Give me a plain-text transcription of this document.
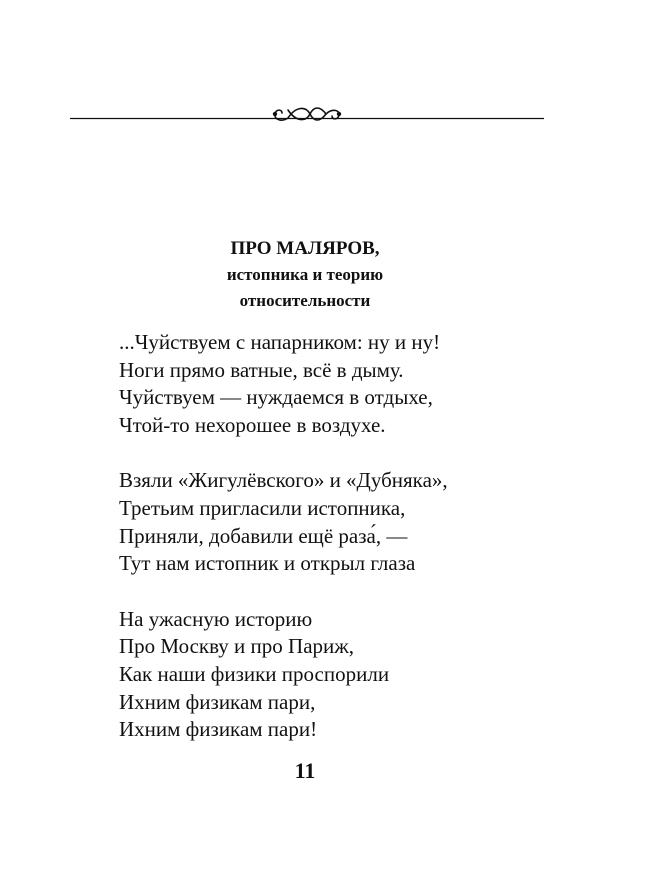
ПРО МАЛЯРОВ,
истопника и теорию
относительности
...Чуйствуем с напарником: ну и ну!
Ноги прямо ватные, всё в дыму.
Чуйствуем — нуждаемся в отдыхе,
Чтой-то нехорошее в воздухе.
Взяли «Жигулёвского» и «Дубняка»,
Третьим пригласили истопника,
Приняли, добавили ещё раза́, —
Тут нам истопник и открыл глаза
На ужасную историю
Про Москву и про Париж,
Как наши физики проспорили
Ихним физикам пари,
Ихним физикам пари!
11
